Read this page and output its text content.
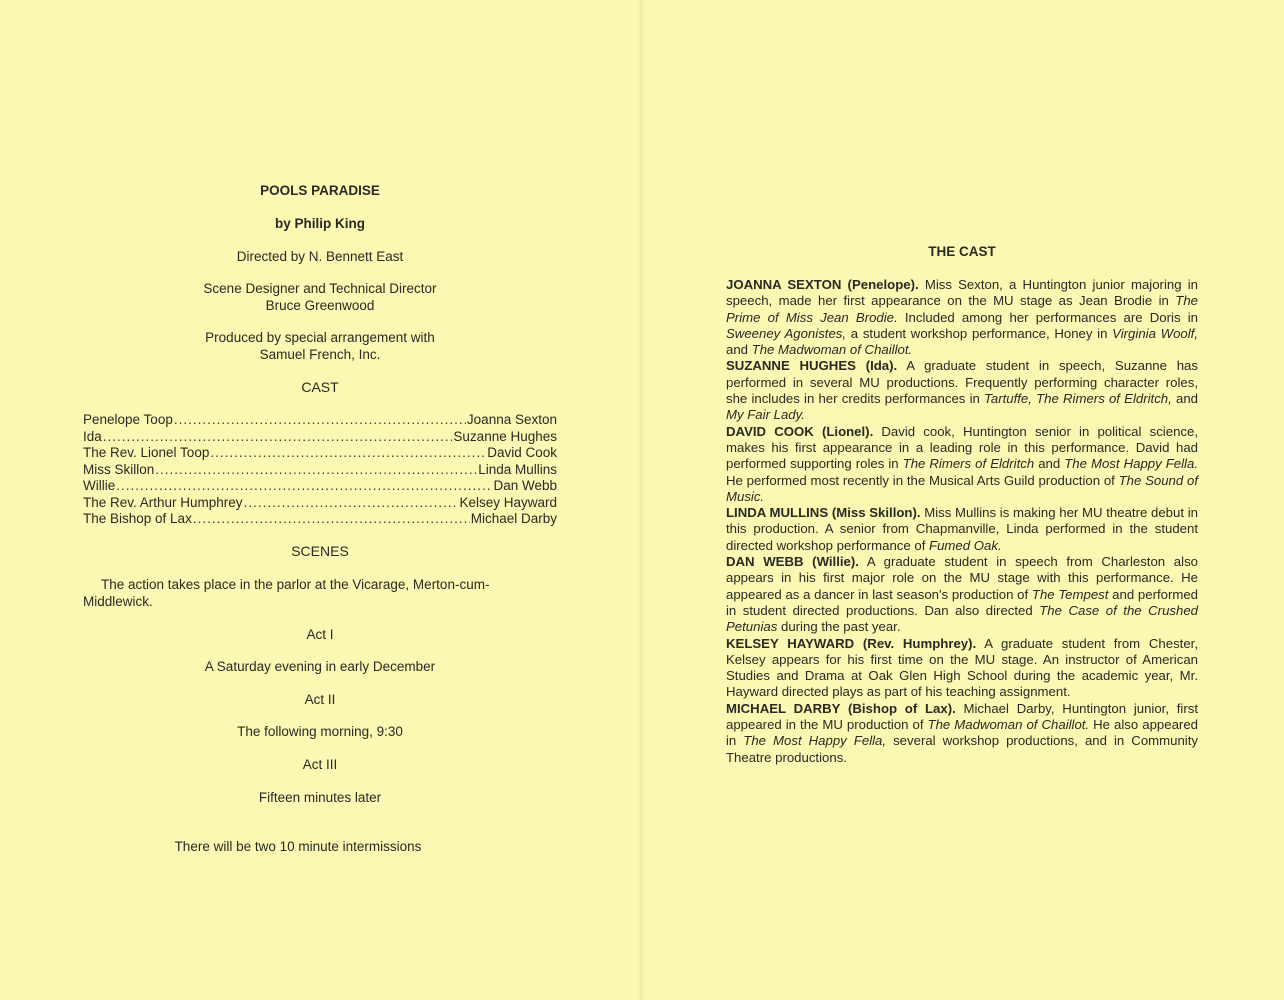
POOLS PARADISE
by Philip King
Directed by N. Bennett East
Scene Designer and Technical Director
Bruce Greenwood
Produced by special arrangement with
Samuel French, Inc.
CAST
Penelope Toop .....	Joanna Sexton
Ida .....	Suzanne Hughes
The Rev. Lionel Toop .....	David Cook
Miss Skillon .....	Linda Mullins
Willie .....	Dan Webb
The Rev. Arthur Humphrey .....	Kelsey Hayward
The Bishop of Lax .....	Michael Darby
SCENES
The action takes place in the parlor at the Vicarage, Merton-cum-Middlewick.
Act I
A Saturday evening in early December
Act II
The following morning, 9:30
Act III
Fifteen minutes later
There will be two 10 minute intermissions
THE CAST

JOANNA SEXTON (Penelope). Miss Sexton, a Huntington junior majoring in speech, made her first appearance on the MU stage as Jean Brodie in The Prime of Miss Jean Brodie. Included among her performances are Doris in Sweeney Agonistes, a student workshop performance, Honey in Virginia Woolf, and The Madwoman of Chaillot.

SUZANNE HUGHES (Ida). A graduate student in speech, Suzanne has performed in several MU productions. Frequently performing character roles, she includes in her credits performances in Tartuffe, The Rimers of Eldritch, and My Fair Lady.

DAVID COOK (Lionel). David cook, Huntington senior in political science, makes his first appearance in a leading role in this performance. David had performed supporting roles in The Rimers of Eldritch and The Most Happy Fella. He performed most recently in the Musical Arts Guild production of The Sound of Music.

LINDA MULLINS (Miss Skillon). Miss Mullins is making her MU theatre debut in this production. A senior from Chapmanville, Linda performed in the student directed workshop performance of Fumed Oak.

DAN WEBB (Willie). A graduate student in speech from Charleston also appears in his first major role on the MU stage with this performance. He appeared as a dancer in last season's production of The Tempest and performed in student directed productions. Dan also directed The Case of the Crushed Petunias during the past year.

KELSEY HAYWARD (Rev. Humphrey). A graduate student from Chester, Kelsey appears for his first time on the MU stage. An instructor of American Studies and Drama at Oak Glen High School during the academic year, Mr. Hayward directed plays as part of his teaching assignment.

MICHAEL DARBY (Bishop of Lax). Michael Darby, Huntington junior, first appeared in the MU production of The Madwoman of Chaillot. He also appeared in The Most Happy Fella, several workshop productions, and in Community Theatre productions.
